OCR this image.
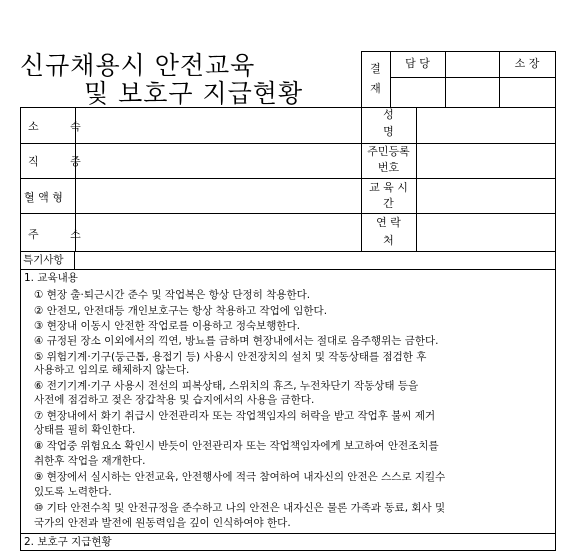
신규채용시 안전교육
및 보호구 지급현황
결
재
담 당	소 장
소 속
직 종
혈 액 형
주 소
성
명
주민등록
번호
교 육 시
간
연 락
처
특기사항
1. 교육내용
① 현장 출·퇴근시간 준수 및 작업복은 항상 단정히 착용한다.
② 안전모, 안전대등 개인보호구는 항상 착용하고 작업에 임한다.
③ 현장내 이동시 안전한 작업로를 이용하고 정숙보행한다.
④ 규정된 장소 이외에서의 끽연, 방뇨를 금하며 현장내에서는 절대로 음주행위는 금한다.
⑤ 위험기계·기구(둥근톱, 용접기 등) 사용시 안전장치의 설치 및 작동상태를 점검한 후
사용하고 임의로 해체하지 않는다.
⑥ 전기기계·기구 사용시 전선의 피복상태, 스위치의 휴즈, 누전차단기 작동상태 등을
사전에 점검하고 젖은 장갑착용 및 습지에서의 사용을 금한다.
⑦ 현장내에서 화기 취급시 안전관리자 또는 작업책임자의 허락을 받고 작업후 불씨 제거
상태를 필히 확인한다.
⑧ 작업중 위험요소 확인시 반듯이 안전관리자 또는 작업책임자에게 보고하여 안전조치를
취한후 작업을 재개한다.
⑨ 현장에서 실시하는 안전교육, 안전행사에 적극 참여하여 내자신의 안전은 스스로 지킬수
있도록 노력한다.
⑩ 기타 안전수칙 및 안전규정을 준수하고 나의 안전은 내자신은 물론 가족과 동료, 회사 및
국가의 안전과 발전에 원동력임을 깊이 인식하여야 한다.
2. 보호구 지급현황
